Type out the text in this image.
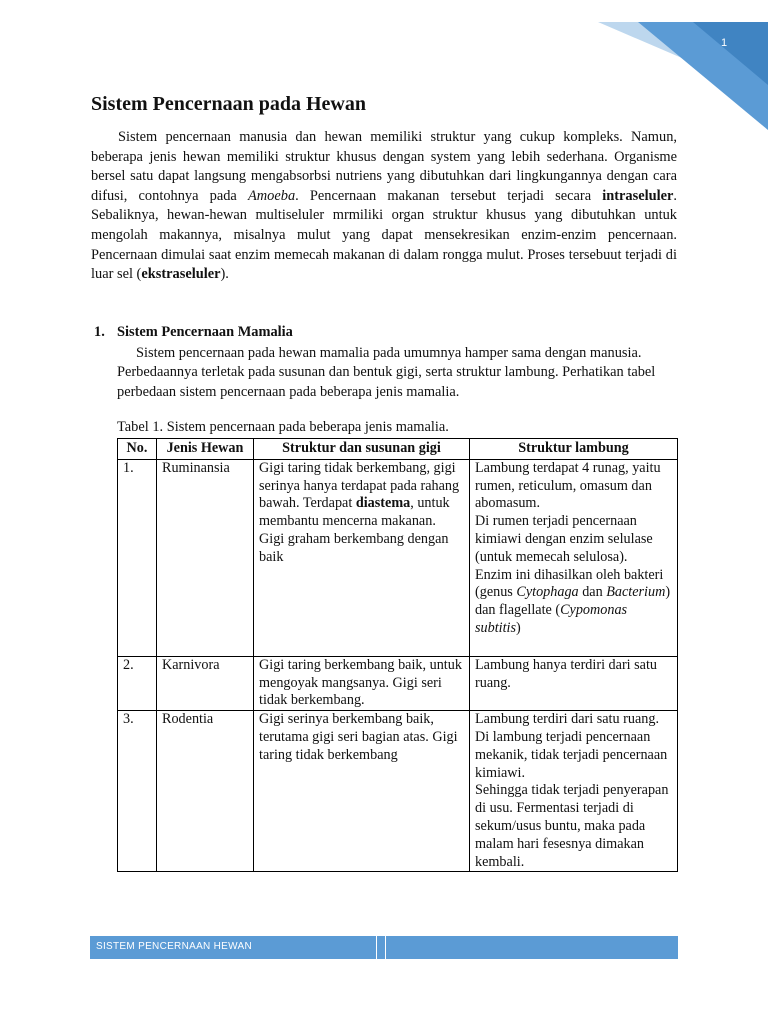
1
Sistem Pencernaan pada Hewan

Sistem pencernaan manusia dan hewan memiliki struktur yang cukup kompleks. Namun, beberapa jenis hewan memiliki struktur khusus dengan system yang lebih sederhana. Organisme bersel satu dapat langsung mengabsorbsi nutriens yang dibutuhkan dari lingkungannya dengan cara difusi, contohnya pada Amoeba. Pencernaan makanan tersebut terjadi secara intraseluler. Sebaliknya, hewan-hewan multiseluler mrmiliki organ struktur khusus yang dibutuhkan untuk mengolah makannya, misalnya mulut yang dapat mensekresikan enzim-enzim pencernaan. Pencernaan dimulai saat enzim memecah makanan di dalam rongga mulut. Proses tersebuut terjadi di luar sel (ekstraseluler).

1. Sistem Pencernaan Mamalia

Sistem pencernaan pada hewan mamalia pada umumnya hamper sama dengan manusia. Perbedaannya terletak pada susunan dan bentuk gigi, serta struktur lambung. Perhatikan tabel perbedaan sistem pencernaan pada beberapa jenis mamalia.

Tabel 1. Sistem pencernaan pada beberapa jenis mamalia.

No.	Jenis Hewan	Struktur dan susunan gigi	Struktur lambung
1.	Ruminansia	Gigi taring tidak berkembang, gigi serinya hanya terdapat pada rahang bawah. Terdapat diastema, untuk membantu mencerna makanan. Gigi graham berkembang dengan baik	Lambung terdapat 4 runag, yaitu rumen, reticulum, omasum dan abomasum.
Di rumen terjadi pencernaan kimiawi dengan enzim selulase (untuk memecah selulosa).
Enzim ini dihasilkan oleh bakteri (genus Cytophaga dan Bacterium) dan flagellate (Cypomonas subtitis)

2.	Karnivora	Gigi taring berkembang baik, untuk mengoyak mangsanya. Gigi seri tidak berkembang.	Lambung hanya terdiri dari satu ruang.
3.	Rodentia	Gigi serinya berkembang baik, terutama gigi seri bagian atas. Gigi taring tidak berkembang	Lambung terdiri dari satu ruang.
Di lambung terjadi pencernaan mekanik, tidak terjadi pencernaan kimiawi.
Sehingga tidak terjadi penyerapan di usu. Fermentasi terjadi di sekum/usus buntu, maka pada malam hari fesesnya dimakan kembali.
SISTEM PENCERNAAN HEWAN
